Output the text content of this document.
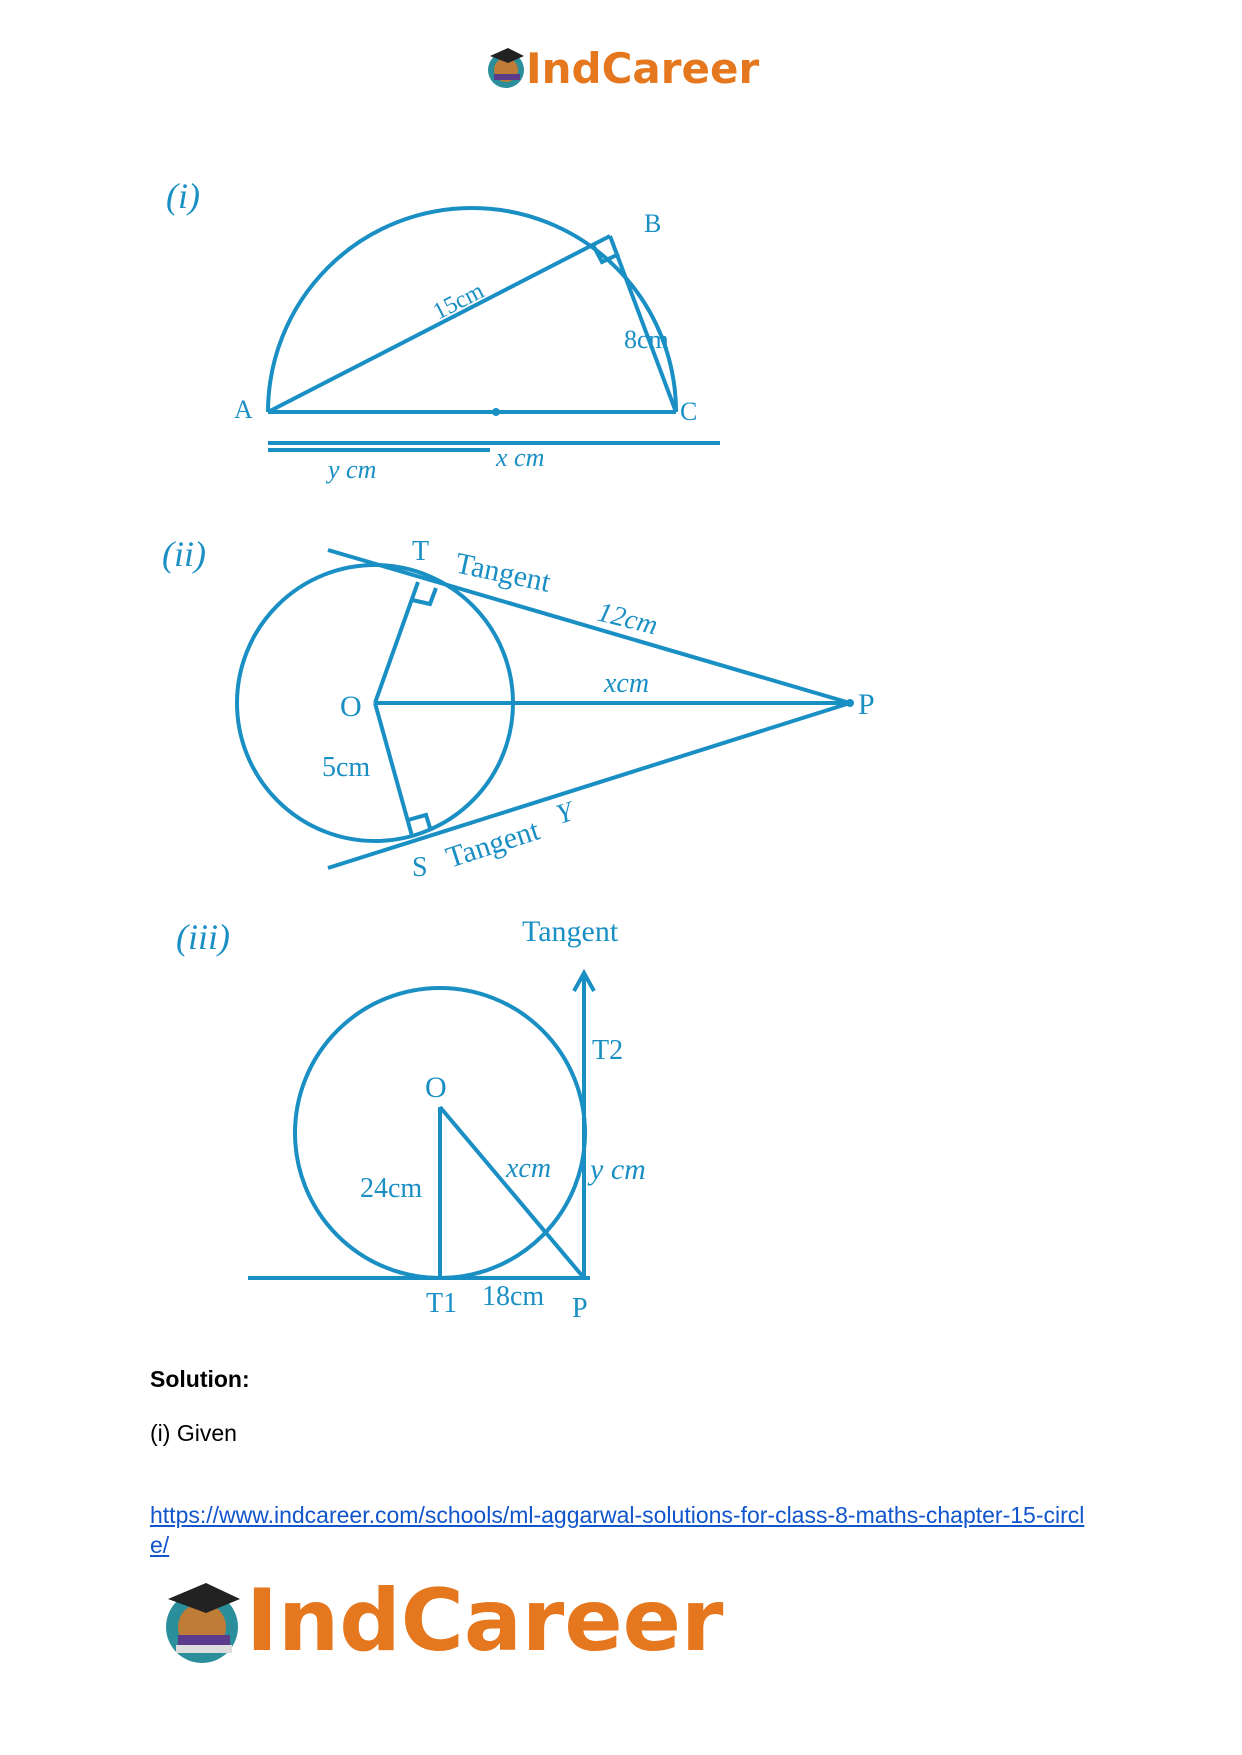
IndCareer
(i)
A
B
C
15cm
8cm
y cm	x cm
(ii)	T Tangent
12cm
xcm
O	P
5cm
S Tangent
Y
(iii)	Tangent
T2
O
24cm
xcm y cm
T1 18cm P
Solution:
(i) Given
https://www.indcareer.com/schools/ml-aggarwal-solutions-for-class-8-maths-chapter-15-circle/
IndCareer
